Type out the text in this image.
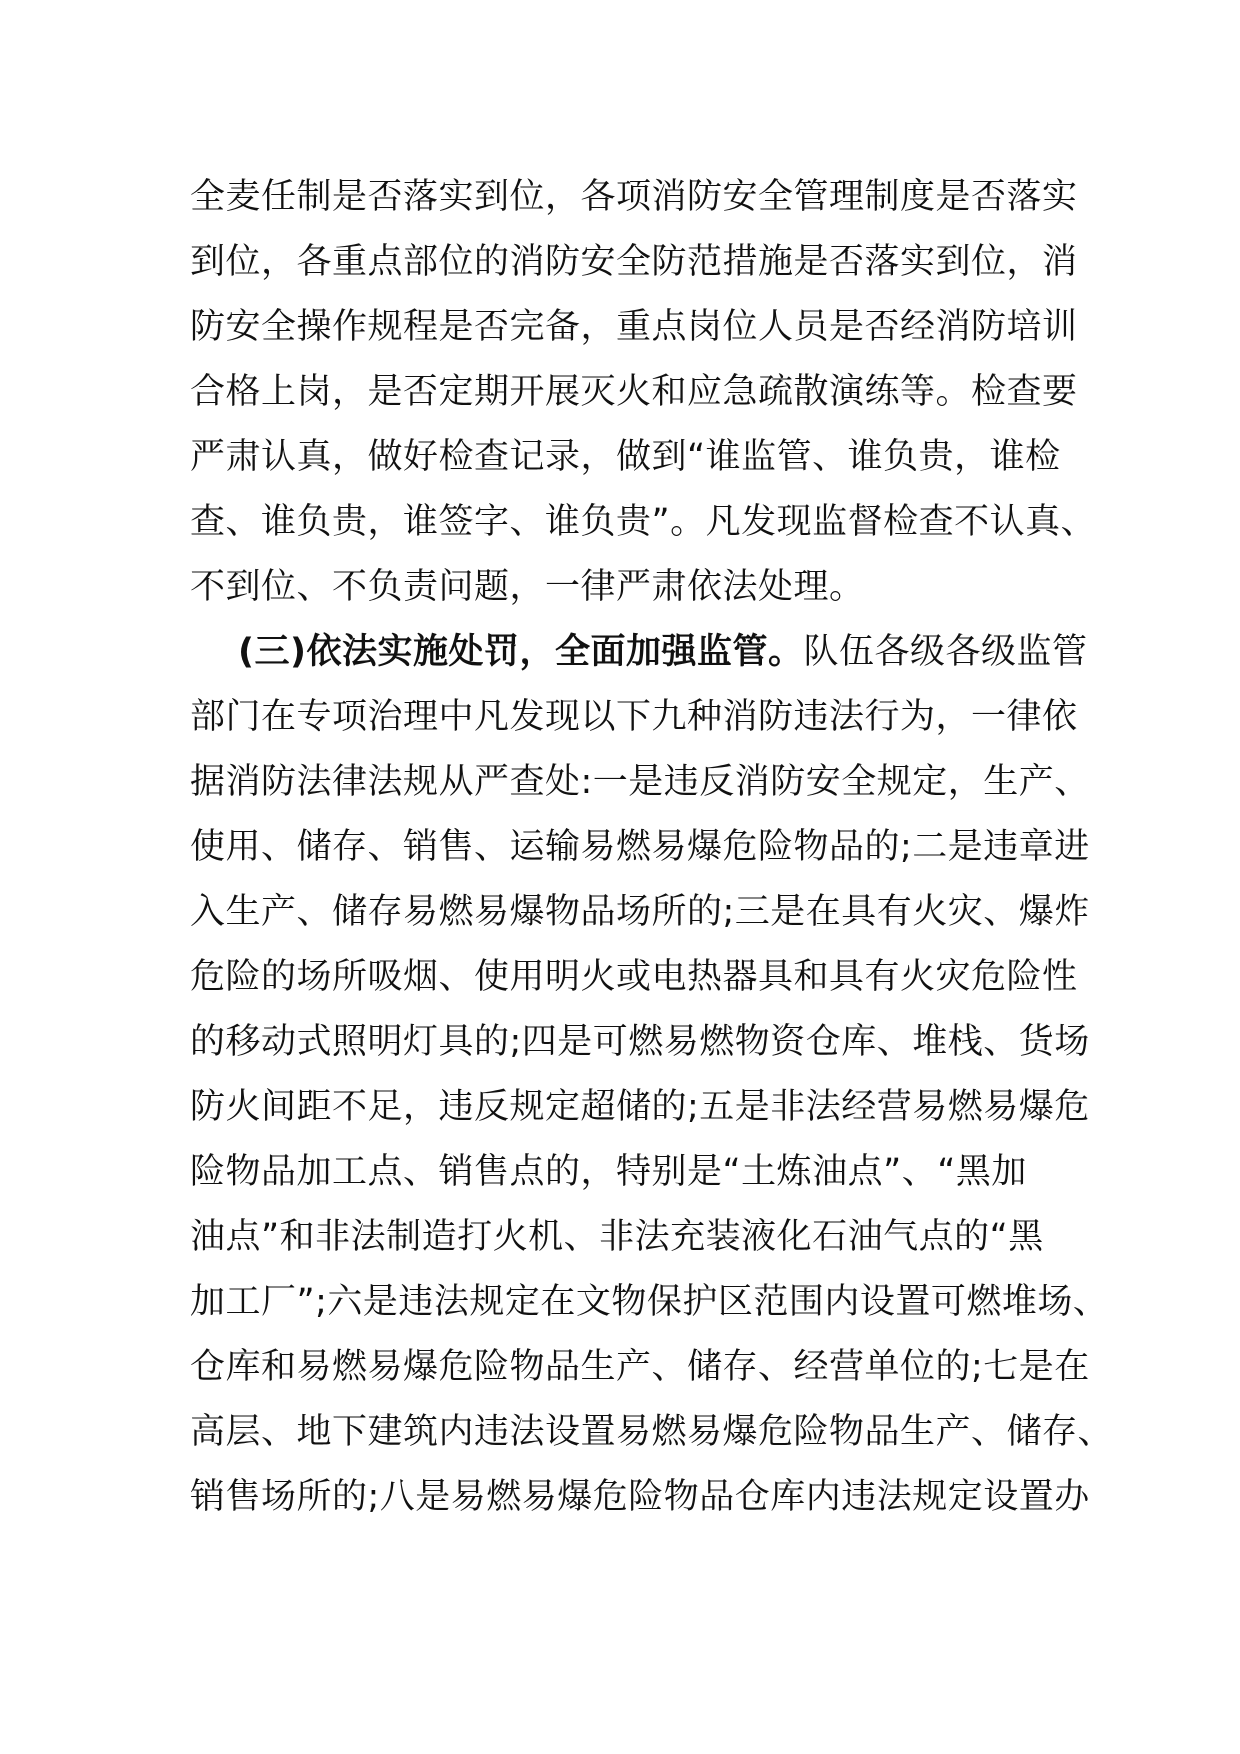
全麦任制是否落实到位，各项消防安全管理制度是否落实
到位，各重点部位的消防安全防范措施是否落实到位，消
防安全操作规程是否完备，重点岗位人员是否经消防培训
合格上岗，是否定期开展灭火和应急疏散演练等。检查要
严肃认真，做好检查记录，做到“谁监管、谁负贵，谁检
查、谁负贵，谁签字、谁负贵”。凡发现监督检查不认真、
不到位、不负责问题，一律严肃依法处理。
(三)依法实施处罚，全面加强监管。队伍各级各级监管
部门在专项治理中凡发现以下九种消防违法行为，一律依
据消防法律法规从严查处:一是违反消防安全规定，生产、
使用、储存、销售、运输易燃易爆危险物品的;二是违章进
入生产、储存易燃易爆物品场所的;三是在具有火灾、爆炸
危险的场所吸烟、使用明火或电热器具和具有火灾危险性
的移动式照明灯具的;四是可燃易燃物资仓库、堆栈、货场
防火间距不足，违反规定超储的;五是非法经营易燃易爆危
险物品加工点、销售点的，特别是“土炼油点”、“黑加
油点”和非法制造打火机、非法充装液化石油气点的“黑
加工厂”;六是违法规定在文物保护区范围内设置可燃堆场、
仓库和易燃易爆危险物品生产、储存、经营单位的;七是在
高层、地下建筑内违法设置易燃易爆危险物品生产、储存、
销售场所的;八是易燃易爆危险物品仓库内违法规定设置办
